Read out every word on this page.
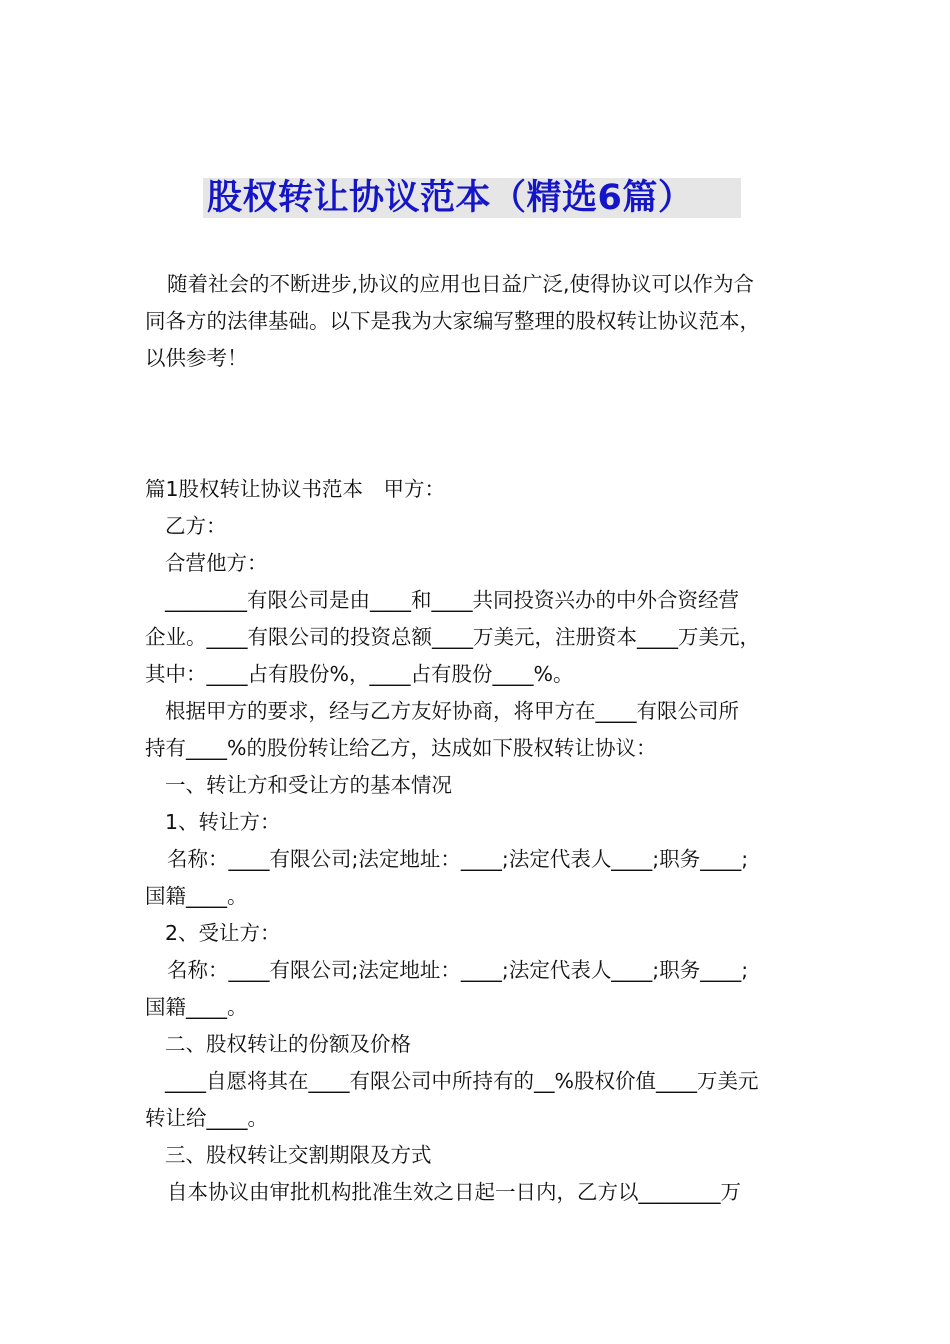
股权转让协议范本（精选6篇）
随着社会的不断进步,协议的应用也日益广泛,使得协议可以作为合
同各方的法律基础。以下是我为大家编写整理的股权转让协议范本，
以供参考！
篇1股权转让协议书范本　甲方：
乙方：
合营他方：
________有限公司是由____和____共同投资兴办的中外合资经营
企业。____有限公司的投资总额____万美元，注册资本____万美元，
其中：____占有股份%，____占有股份____%。
根据甲方的要求，经与乙方友好协商，将甲方在____有限公司所
持有____%的股份转让给乙方，达成如下股权转让协议：
一、转让方和受让方的基本情况
1、转让方：
名称：____有限公司;法定地址：____;法定代表人____;职务____;
国籍____。
2、受让方：
名称：____有限公司;法定地址：____;法定代表人____;职务____;
国籍____。
二、股权转让的份额及价格
____自愿将其在____有限公司中所持有的__%股权价值____万美元
转让给____。
三、股权转让交割期限及方式
自本协议由审批机构批准生效之日起一日内，乙方以________万
